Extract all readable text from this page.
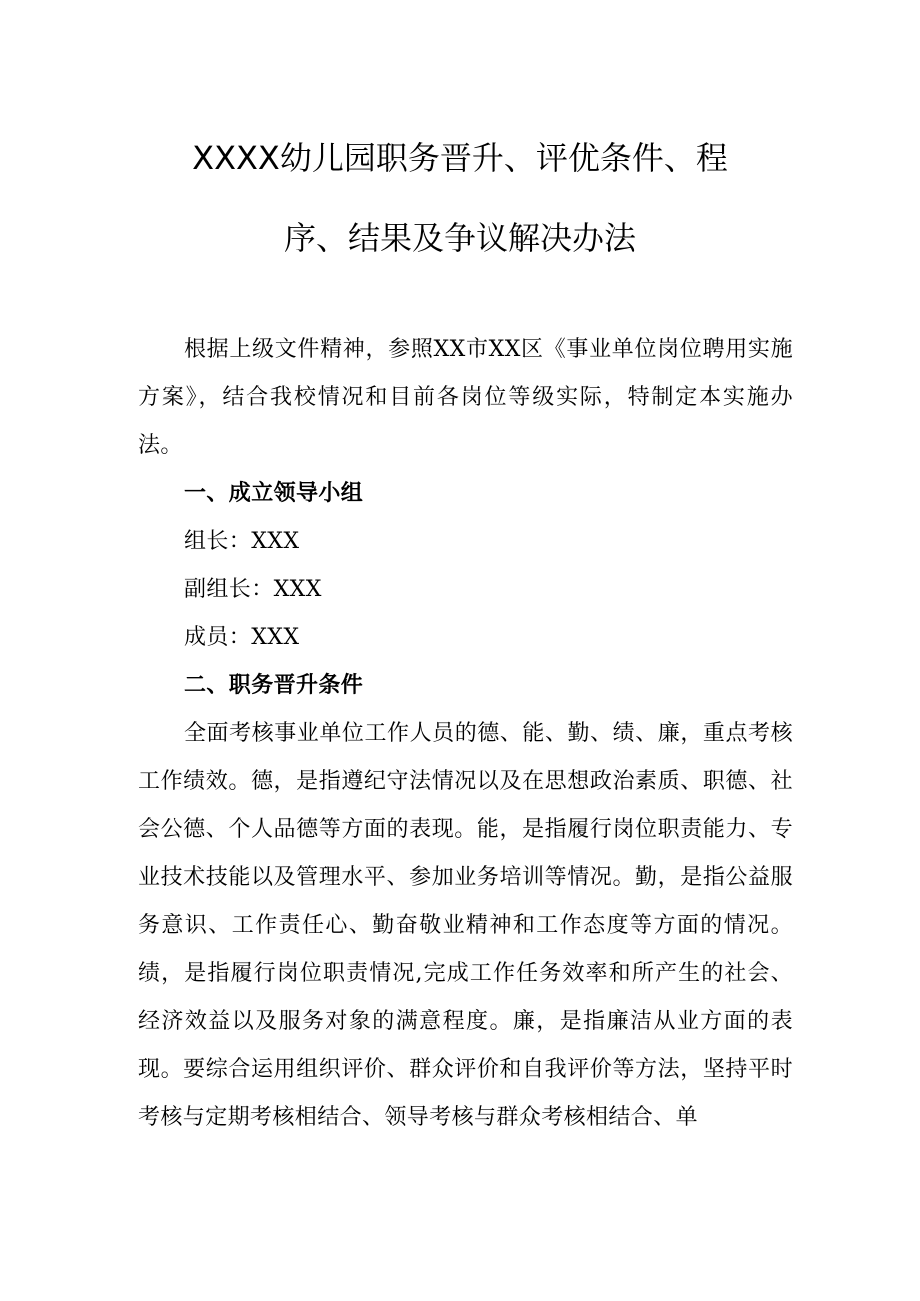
XXXX幼儿园职务晋升、评优条件、程
序、结果及争议解决办法

根据上级文件精神，参照XX市XX区《事业单位岗位聘用实施方案》，结合我校情况和目前各岗位等级实际，特制定本实施办法。

一、成立领导小组

组长：XXX

副组长：XXX

成员：XXX

二、职务晋升条件

全面考核事业单位工作人员的德、能、勤、绩、廉，重点考核工作绩效。德，是指遵纪守法情况以及在思想政治素质、职德、社会公德、个人品德等方面的表现。能，是指履行岗位职责能力、专业技术技能以及管理水平、参加业务培训等情况。勤，是指公益服务意识、工作责任心、勤奋敬业精神和工作态度等方面的情况。绩，是指履行岗位职责情况,完成工作任务效率和所产生的社会、经济效益以及服务对象的满意程度。廉，是指廉洁从业方面的表现。要综合运用组织评价、群众评价和自我评价等方法，坚持平时考核与定期考核相结合、领导考核与群众考核相结合、单
